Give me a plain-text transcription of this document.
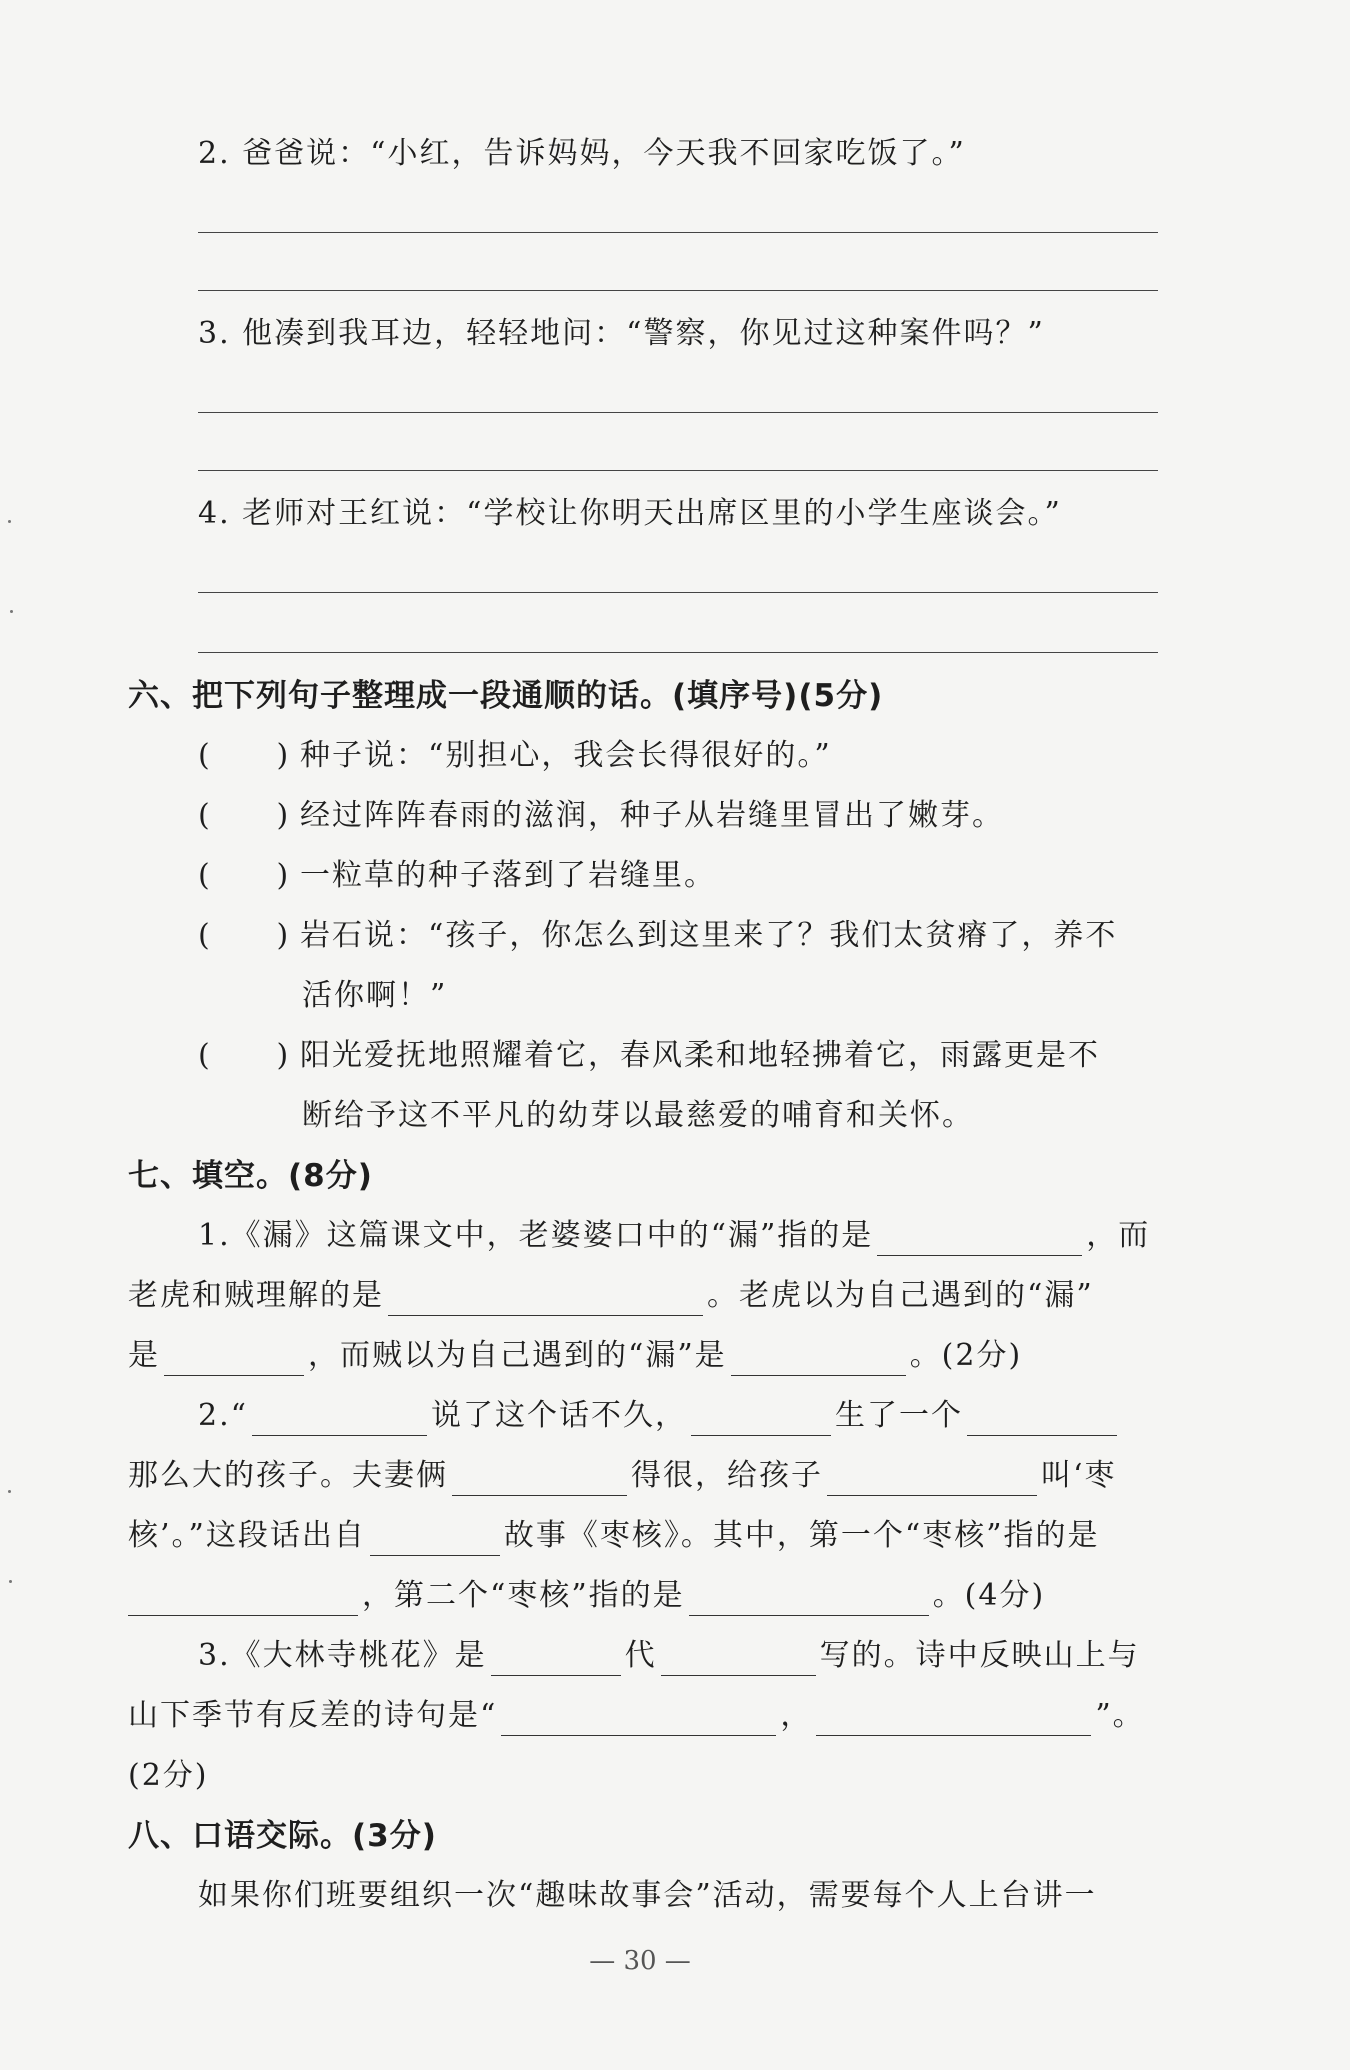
2. 爸爸说：“小红，告诉妈妈，今天我不回家吃饭了。”
3. 他凑到我耳边，轻轻地问：“警察，你见过这种案件吗？”
4. 老师对王红说：“学校让你明天出席区里的小学生座谈会。”
六、把下列句子整理成一段通顺的话。(填序号)(5分)
(       ) 种子说：“别担心，我会长得很好的。”
(       ) 经过阵阵春雨的滋润，种子从岩缝里冒出了嫩芽。
(       ) 一粒草的种子落到了岩缝里。
(       ) 岩石说：“孩子，你怎么到这里来了？我们太贫瘠了，养不
活你啊！”
(       ) 阳光爱抚地照耀着它，春风柔和地轻拂着它，雨露更是不
断给予这不平凡的幼芽以最慈爱的哺育和关怀。
七、填空。(8分)
1.《漏》这篇课文中，老婆婆口中的“漏”指的是	，而
老虎和贼理解的是	。老虎以为自己遇到的“漏”
是	，而贼以为自己遇到的“漏”是	。(2分)
2.“	说了这个话不久，	生了一个
那么大的孩子。夫妻俩	得很，给孩子	叫‘枣
核’。”这段话出自	故事《枣核》。其中，第一个“枣核”指的是
，第二个“枣核”指的是	。(4分)
3.《大林寺桃花》是	代	写的。诗中反映山上与
山下季节有反差的诗句是“	，	”。
(2分)
八、口语交际。(3分)
如果你们班要组织一次“趣味故事会”活动，需要每个人上台讲一
— 30 —
